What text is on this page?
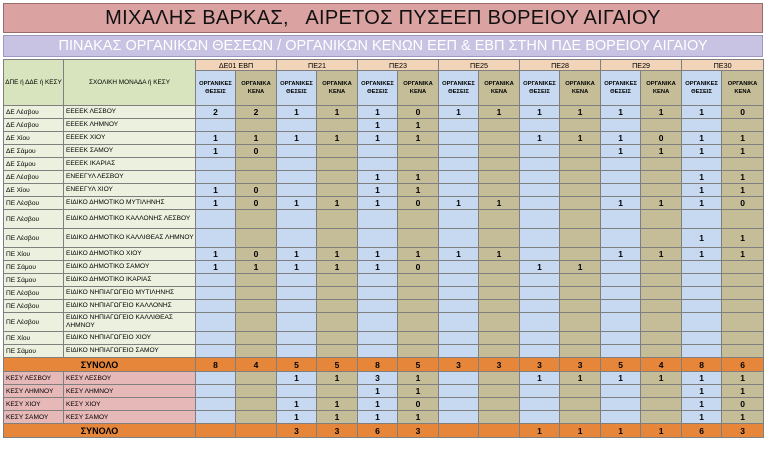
ΜΙΧΑΛΗΣ ΒΑΡΚΑΣ,   ΑΙΡΕΤΟΣ ΠΥΣΕΕΠ ΒΟΡΕΙΟΥ ΑΙΓΑΙΟΥ
ΠΙΝΑΚΑΣ ΟΡΓΑΝΙΚΩΝ ΘΕΣΕΩΝ / ΟΡΓΑΝΙΚΩΝ ΚΕΝΩΝ ΕΕΠ & ΕΒΠ ΣΤΗΝ ΠΔΕ ΒΟΡΕΙΟΥ ΑΙΓΑΙΟΥ
ΔΠΕ ή ΔΔΕ ή ΚΕΣΥ	ΣΧΟΛΙΚΗ ΜΟΝΑΔΑ ή ΚΕΣΥ	ΔΕ01 ΕΒΠ		ΠΕ21		ΠΕ23		ΠΕ25		ΠΕ28		ΠΕ29		ΠΕ30	
		ΟΡΓΑΝΙΚΕΣ ΘΕΣΕΙΣ	ΟΡΓΑΝΙΚΑ ΚΕΝΑ	ΟΡΓΑΝΙΚΕΣ ΘΕΣΕΙΣ	ΟΡΓΑΝΙΚΑ ΚΕΝΑ	ΟΡΓΑΝΙΚΕΣ ΘΕΣΕΙΣ	ΟΡΓΑΝΙΚΑ ΚΕΝΑ	ΟΡΓΑΝΙΚΕΣ ΘΕΣΕΙΣ	ΟΡΓΑΝΙΚΑ ΚΕΝΑ	ΟΡΓΑΝΙΚΕΣ ΘΕΣΕΙΣ	ΟΡΓΑΝΙΚΑ ΚΕΝΑ	ΟΡΓΑΝΙΚΕΣ ΘΕΣΕΙΣ	ΟΡΓΑΝΙΚΑ ΚΕΝΑ	ΟΡΓΑΝΙΚΕΣ ΘΕΣΕΙΣ	ΟΡΓΑΝΙΚΑ ΚΕΝΑ
ΔΕ Λέσβου	ΕΕΕΕΚ ΛΕΣΒΟΥ	2	2	1	1	1	0	1	1	1	1	1	1	1	0
ΔΕ Λέσβου	ΕΕΕΕΚ ΛΗΜΝΟΥ					1	1								
ΔΕ Χίου	ΕΕΕΕΚ ΧΙΟΥ	1	1	1	1	1	1			1	1	1	0	1	1
ΔΕ Σάμου	ΕΕΕΕΚ ΣΑΜΟΥ	1	0									1	1	1	1
ΔΕ Σάμου	ΕΕΕΕΚ ΙΚΑΡΙΑΣ														
ΔΕ Λέσβου	ΕΝΕΕΓΥΛ ΛΕΣΒΟΥ					1	1							1	1
ΔΕ Χίου	ΕΝΕΕΓΥΛ ΧΙΟΥ	1	0			1	1							1	1
ΠΕ Λέσβου	ΕΙΔΙΚΟ ΔΗΜΟΤΙΚΟ ΜΥΤΙΛΗΝΗΣ	1	0	1	1	1	0	1	1			1	1	1	0
ΠΕ Λέσβου	ΕΙΔΙΚΟ ΔΗΜΟΤΙΚΟ ΚΑΛΛΟΝΗΣ ΛΕΣΒΟΥ														
ΠΕ Λέσβου	ΕΙΔΙΚΟ ΔΗΜΟΤΙΚΟ ΚΑΛΛΙΘΕΑΣ ΛΗΜΝΟΥ													1	1
ΠΕ Χίου	ΕΙΔΙΚΟ ΔΗΜΟΤΙΚΟ ΧΙΟΥ	1	0	1	1	1	1	1	1			1	1	1	1
ΠΕ Σάμου	ΕΙΔΙΚΟ ΔΗΜΟΤΙΚΟ ΣΑΜΟΥ	1	1	1	1	1	0			1	1				
ΠΕ Σάμου	ΕΙΔΙΚΟ ΔΗΜΟΤΙΚΟ ΙΚΑΡΙΑΣ														
ΠΕ Λέσβου	ΕΙΔΙΚΟ ΝΗΠΙΑΓΩΓΕΙΟ ΜΥΤΙΛΗΝΗΣ														
ΠΕ Λέσβου	ΕΙΔΙΚΟ ΝΗΠΙΑΓΩΓΕΙΟ ΚΑΛΛΟΝΗΣ														
ΠΕ Λέσβου	ΕΙΔΙΚΟ ΝΗΠΙΑΓΩΓΕΙΟ ΚΑΛΛΙΘΕΑΣ ΛΗΜΝΟΥ														
ΠΕ Χίου	ΕΙΔΙΚΟ ΝΗΠΙΑΓΩΓΕΙΟ ΧΙΟΥ														
ΠΕ Σάμου	ΕΙΔΙΚΟ ΝΗΠΙΑΓΩΓΕΙΟ ΣΑΜΟΥ														
ΣΥΝΟΛΟ		8	4	5	5	8	5	3	3	3	3	5	4	8	6
ΚΕΣΥ ΛΕΣΒΟΥ	ΚΕΣΥ ΛΕΣΒΟΥ			1	1	3	1			1	1	1	1	1	1
ΚΕΣΥ ΛΗΜΝΟΥ	ΚΕΣΥ ΛΗΜΝΟΥ					1	1							1	1
ΚΕΣΥ ΧΙΟΥ	ΚΕΣΥ ΧΙΟΥ			1	1	1	0							1	0
ΚΕΣΥ ΣΑΜΟΥ	ΚΕΣΥ ΣΑΜΟΥ			1	1	1	1							1	1
ΣΥΝΟΛΟ				3	3	6	3			1	1	1	1	6	3
